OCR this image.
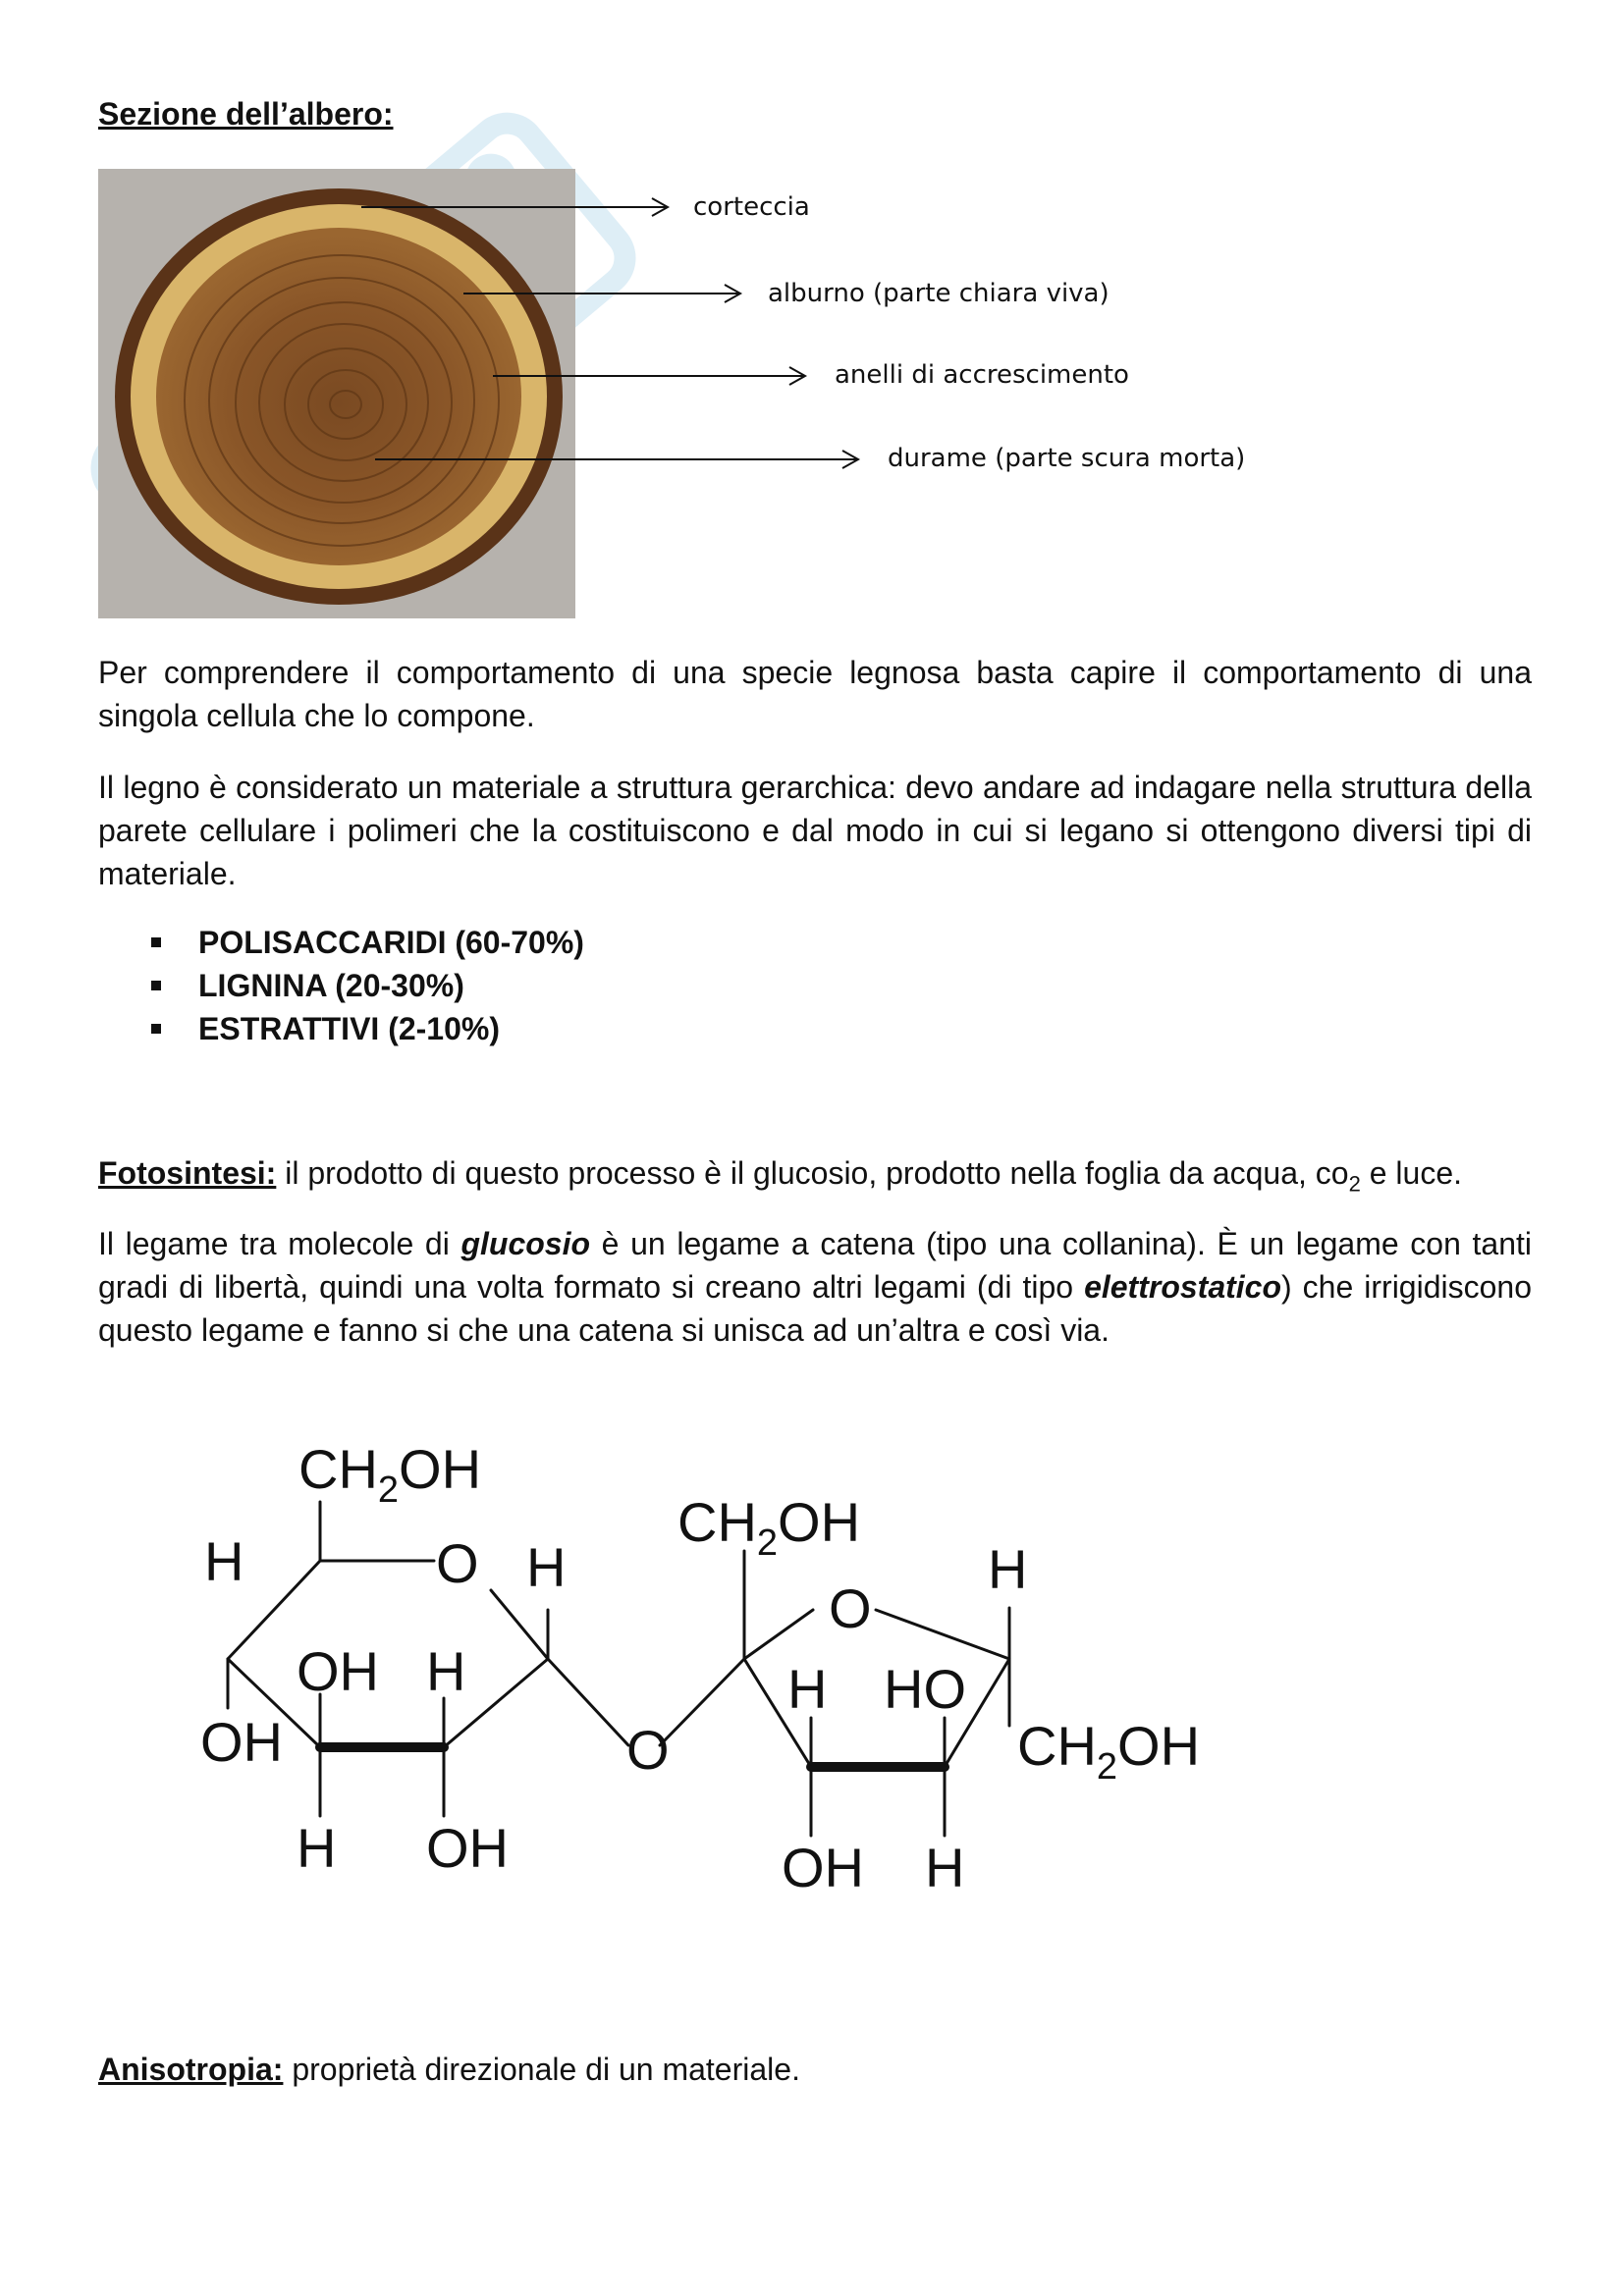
Sezione dell’albero:
corteccia
alburno (parte chiara viva)
anelli di accrescimento
durame (parte scura morta)
Per comprendere il comportamento di una specie legnosa basta capire il comportamento di una singola cellula che lo compone.
Il legno è considerato un materiale a struttura gerarchica: devo andare ad indagare nella struttura della parete cellulare i polimeri che la costituiscono e dal modo in cui si legano si ottengono diversi tipi di materiale.
POLISACCARIDI (60-70%)
LIGNINA (20-30%)
ESTRATTIVI (2-10%)
Fotosintesi: il prodotto di questo processo è il glucosio, prodotto nella foglia da acqua, $co_2$ e luce.
Il legame tra molecole di glucosio è un legame a catena (tipo una collanina). È un legame con tanti gradi di libertà, quindi una volta formato si creano altri legami (di tipo elettrostatico) che irrigidiscono questo legame e fanno si che una catena si unisca ad un’altra e così via.
$CH_2OH$
H	O H
OH H
OH
H OH
O
$CH_2OH$
O
H
H HO
$CH_2OH$
OH H
Anisotropia: proprietà direzionale di un materiale.
